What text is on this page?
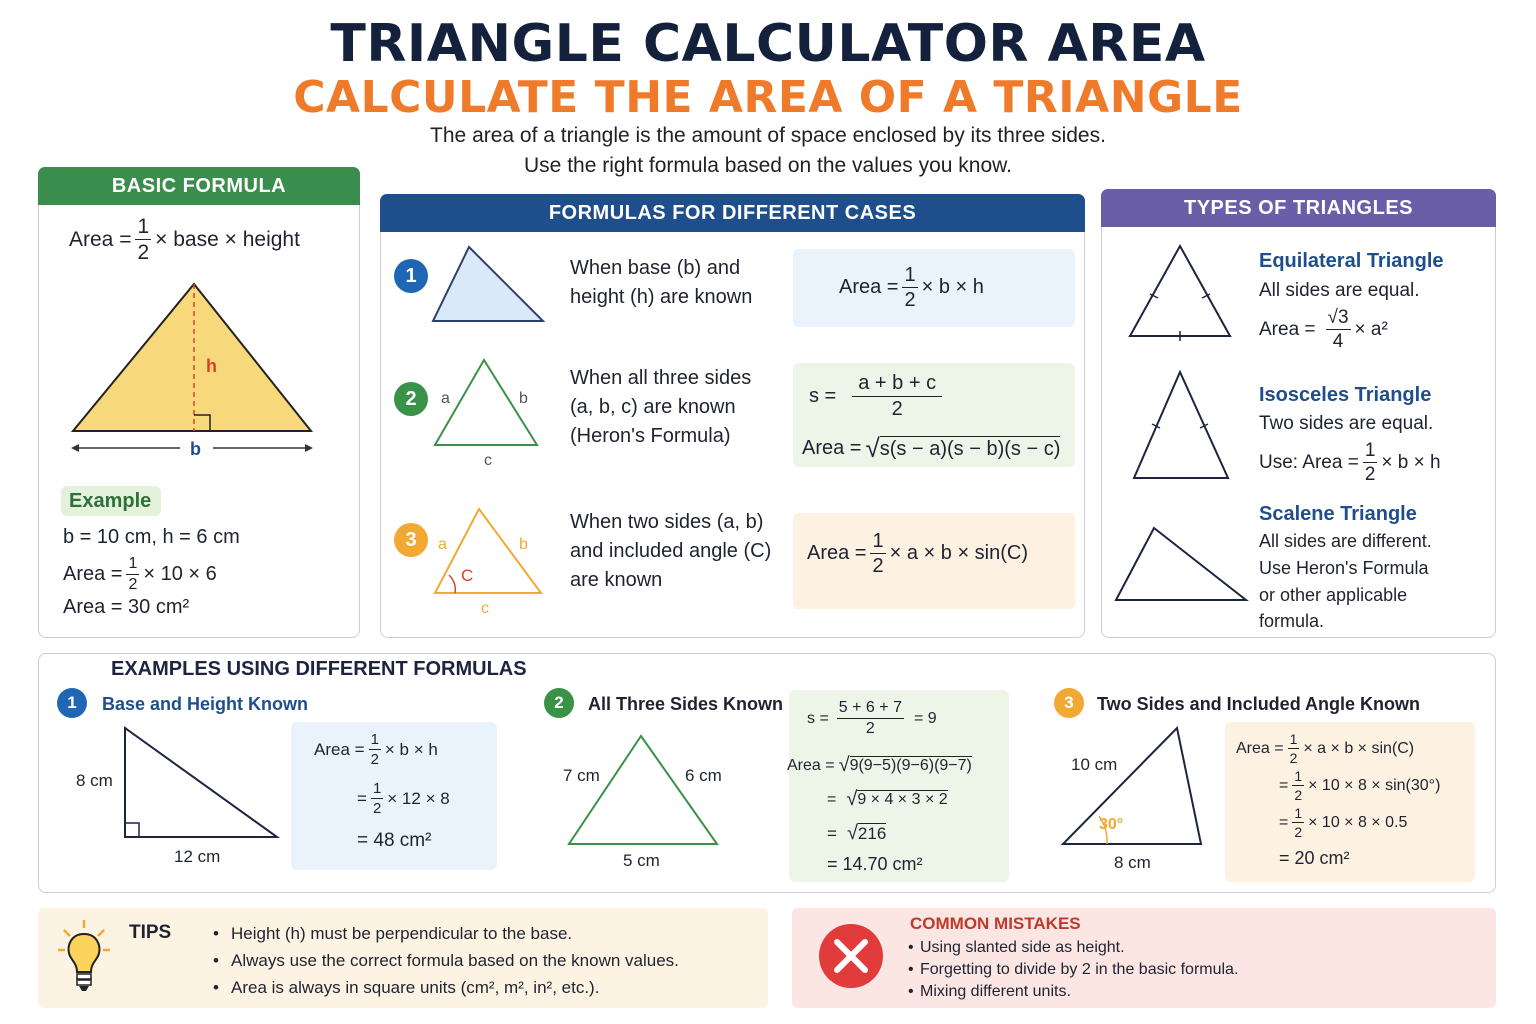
TRIANGLE CALCULATOR AREA
CALCULATE THE AREA OF A TRIANGLE
The area of a triangle is the amount of space enclosed by its three sides.
Use the right formula based on the values you know.
BASIC FORMULA
Area = $\frac{1}{2}$ × base × height
h
b
Example
b = 10 cm, h = 6 cm
Area = $\frac{1}{2} \times 10 \times 6$
Area = 30 cm²
FORMULAS FOR DIFFERENT CASES
1	When base (b) and
height (h) are known	Area = $\frac{1}{2} \times b \times h$
2	a	b
c
When all three sides
(a, b, c) are known
(Heron's Formula)
$s = \frac{a + b + c}{2}$
Area = √ s(s − a)(s − b)(s − c)
3	a	b
C
c
When two sides (a, b)
and included angle (C)
are known
Area = $\frac{1}{2} \times a \times b \times \sin(C)$
TYPES OF TRIANGLES
Equilateral Triangle
All sides are equal.
Area = $\frac{√3}{4} \times a^2$
Isosceles Triangle
Two sides are equal.
Use: Area = $\frac{1}{2} \times b \times h$
Scalene Triangle
All sides are different.
Use Heron's Formula
or other applicable
formula.
EXAMPLES USING DIFFERENT FORMULAS
1	Base and Height Known
8 cm
12 cm
Area = $\frac{1}{2} \times b \times h$
= $\frac{1}{2} \times 12 \times 8$
= 48 cm²
2	All Three Sides Known
7 cm	6 cm
5 cm
$s = \frac{5 + 6 + 7}{2} = 9$
Area = √ 9(9−5)(9−6)(9−7)
= √ 9 × 4 × 3 × 2
= √ 216
= 14.70 cm²
3	Two Sides and Included Angle Known
10 cm
30°
8 cm
Area = $\frac{1}{2} \times a \times b \times \sin(C)$
= $\frac{1}{2} \times 10 \times 8 \times \sin(30^\circ)$
= $\frac{1}{2} \times 10 \times 8 \times 0.5$
= 20 cm²
TIPS
•	Height (h) must be perpendicular to the base.
• Always use the correct formula based on the known values.
• Area is always in square units (cm², m², in², etc.).
COMMON MISTAKES
• Using slanted side as height.
• Forgetting to divide by 2 in the basic formula.
• Mixing different units.
